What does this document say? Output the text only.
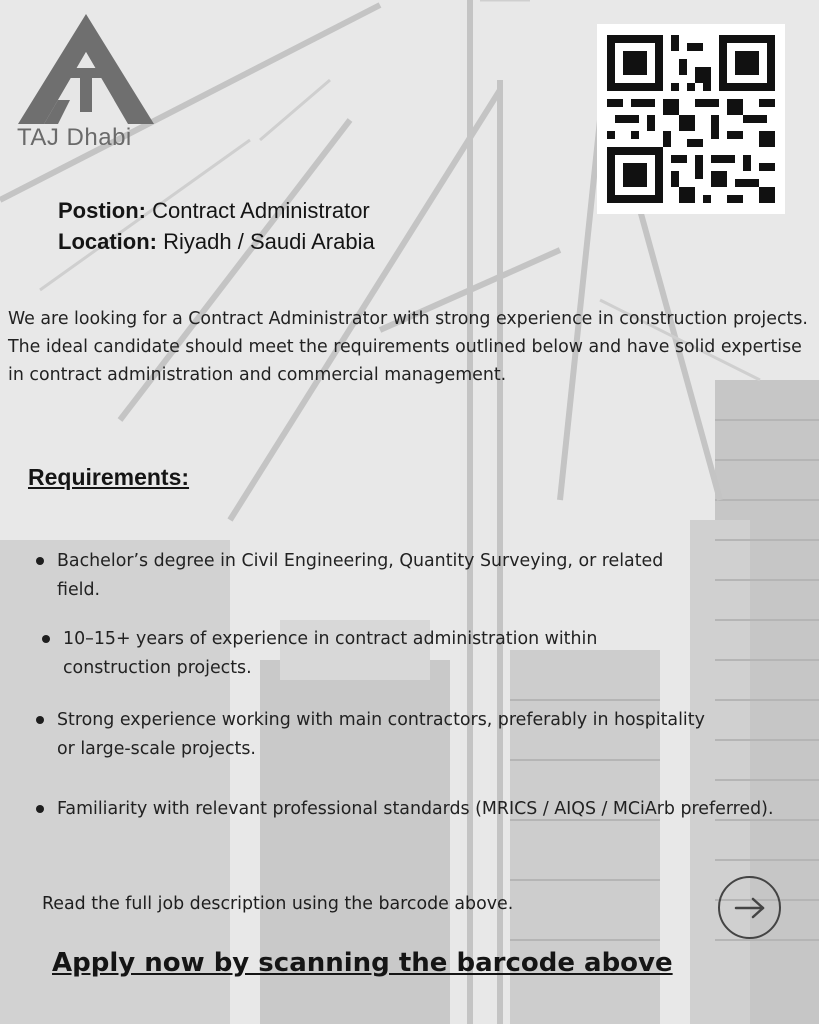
TAJ Dhabi
Postion: Contract Administrator
Location: Riyadh / Saudi Arabia

We are looking for a Contract Administrator with strong experience in construction projects.

The ideal candidate should meet the requirements outlined below and have solid expertise in contract administration and commercial management.

Requirements:
Bachelor’s degree in Civil Engineering, Quantity Surveying, or related field.
10–15+ years of experience in contract administration within construction projects.
Strong experience working with main contractors, preferably in hospitality or large-scale projects.
Familiarity with relevant professional standards (MRICS / AIQS / MCiArb preferred).
Read the full job description using the barcode above.
Apply now by scanning the barcode above
